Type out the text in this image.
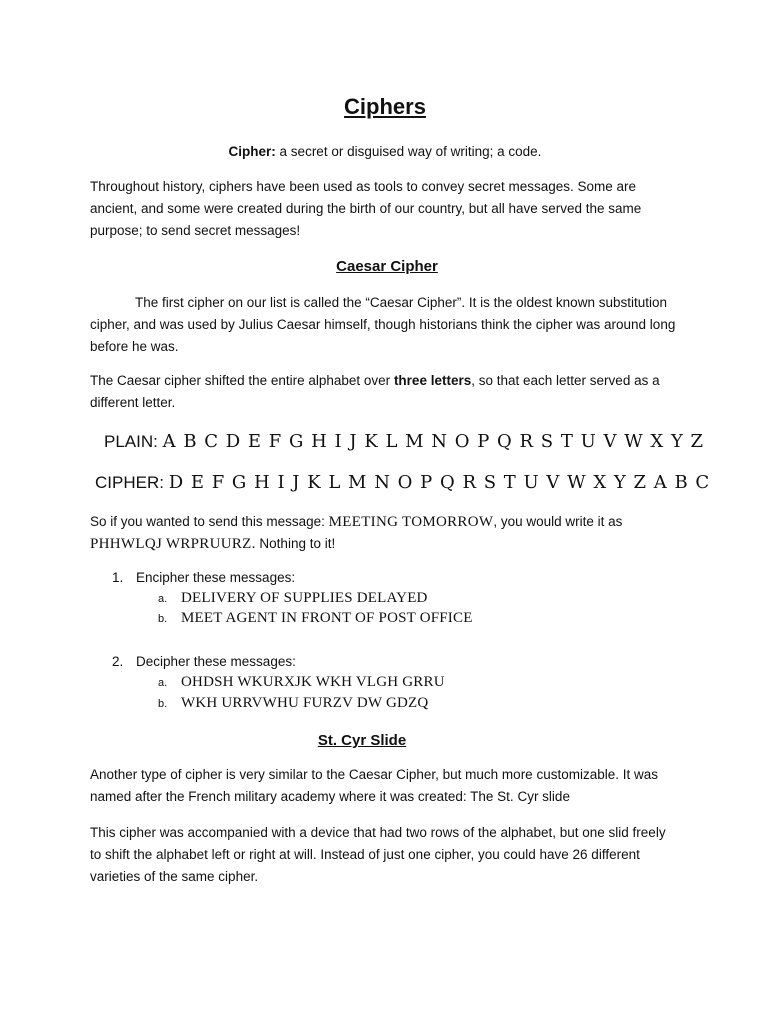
Ciphers
Cipher: a secret or disguised way of writing; a code.
Throughout history, ciphers have been used as tools to convey secret messages. Some are ancient, and some were created during the birth of our country, but all have served the same purpose; to send secret messages!
Caesar Cipher
The first cipher on our list is called the “Caesar Cipher”. It is the oldest known substitution cipher, and was used by Julius Caesar himself, though historians think the cipher was around long before he was.
The Caesar cipher shifted the entire alphabet over three letters, so that each letter served as a different letter.
PLAIN: A B C D E F G H I J K L M N O P Q R S T U V W X Y Z
CIPHER: D E F G H I J K L M N O P Q R S T U V W X Y Z A B C
So if you wanted to send this message: MEETING TOMORROW, you would write it as PHHWLQJ WRPRUURZ. Nothing to it!
1. Encipher these messages:
a. DELIVERY OF SUPPLIES DELAYED
b. MEET AGENT IN FRONT OF POST OFFICE
2. Decipher these messages:
a. OHDSH WKURXJK WKH VLGH GRRU
b. WKH URRVWHU FURZV DW GDZQ
St. Cyr Slide
Another type of cipher is very similar to the Caesar Cipher, but much more customizable. It was named after the French military academy where it was created: The St. Cyr slide
This cipher was accompanied with a device that had two rows of the alphabet, but one slid freely to shift the alphabet left or right at will. Instead of just one cipher, you could have 26 different varieties of the same cipher.
